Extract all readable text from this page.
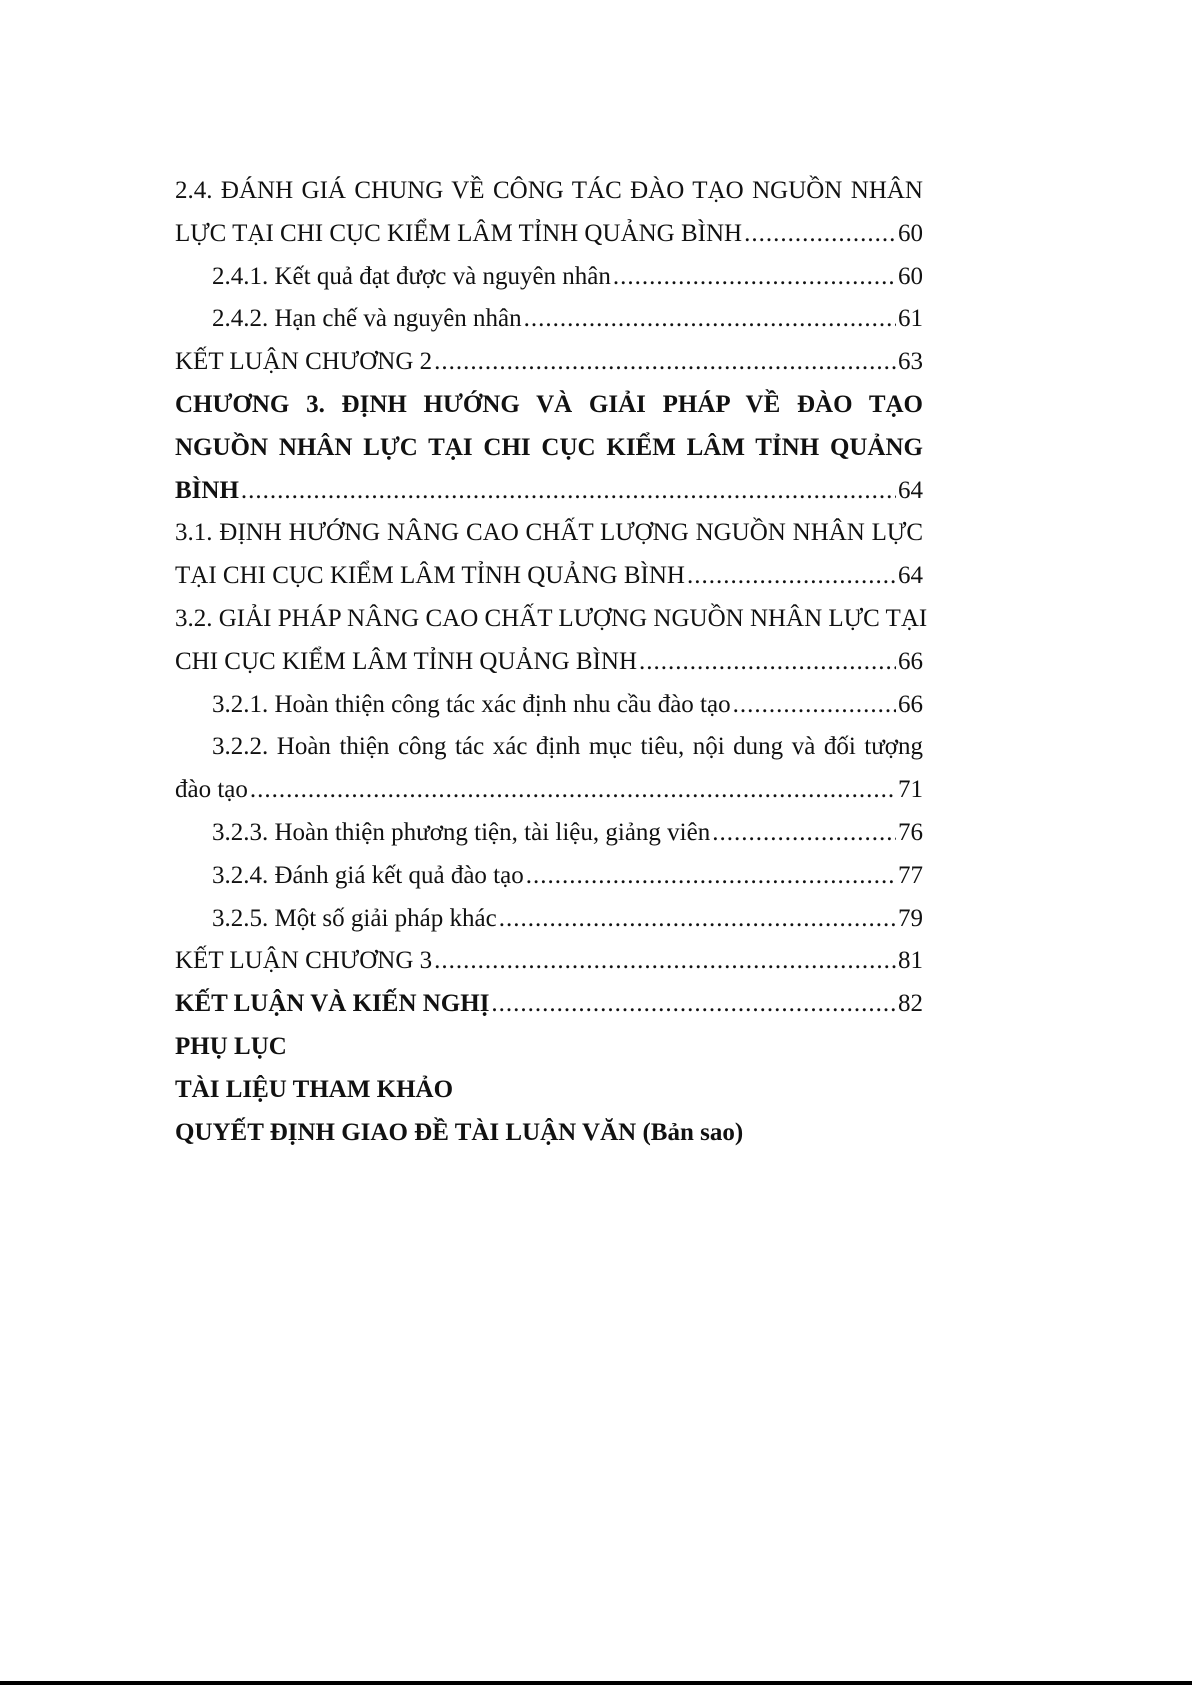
2.4. ĐÁNH GIÁ CHUNG VỀ CÔNG TÁC ĐÀO TẠO NGUỒN NHÂN
LỰC TẠI CHI CỤC KIỂM LÂM TỈNH QUẢNG BÌNH .....	60
2.4.1. Kết quả đạt được và nguyên nhân .....	60
2.4.2. Hạn chế và nguyên nhân .....	61
KẾT LUẬN CHƯƠNG 2 .....	63
CHƯƠNG 3. ĐỊNH HƯỚNG VÀ GIẢI PHÁP VỀ ĐÀO TẠO
NGUỒN NHÂN LỰC TẠI CHI CỤC KIỂM LÂM TỈNH QUẢNG
BÌNH .....	64
3.1. ĐỊNH HƯỚNG NÂNG CAO CHẤT LƯỢNG NGUỒN NHÂN LỰC
TẠI CHI CỤC KIỂM LÂM TỈNH QUẢNG BÌNH .....	64
3.2. GIẢI PHÁP NÂNG CAO CHẤT LƯỢNG NGUỒN NHÂN LỰC TẠI
CHI CỤC KIỂM LÂM TỈNH QUẢNG BÌNH .....	66
3.2.1. Hoàn thiện công tác xác định nhu cầu đào tạo .....	66
3.2.2. Hoàn thiện công tác xác định mục tiêu, nội dung và đối tượng
đào tạo .....	71
3.2.3. Hoàn thiện phương tiện, tài liệu, giảng viên .....	76
3.2.4. Đánh giá kết quả đào tạo .....	77
3.2.5. Một số giải pháp khác .....	79
KẾT LUẬN CHƯƠNG 3 .....	81
KẾT LUẬN VÀ KIẾN NGHỊ .....	82
PHỤ LỤC
TÀI LIỆU THAM KHẢO
QUYẾT ĐỊNH GIAO ĐỀ TÀI LUẬN VĂN (Bản sao)
